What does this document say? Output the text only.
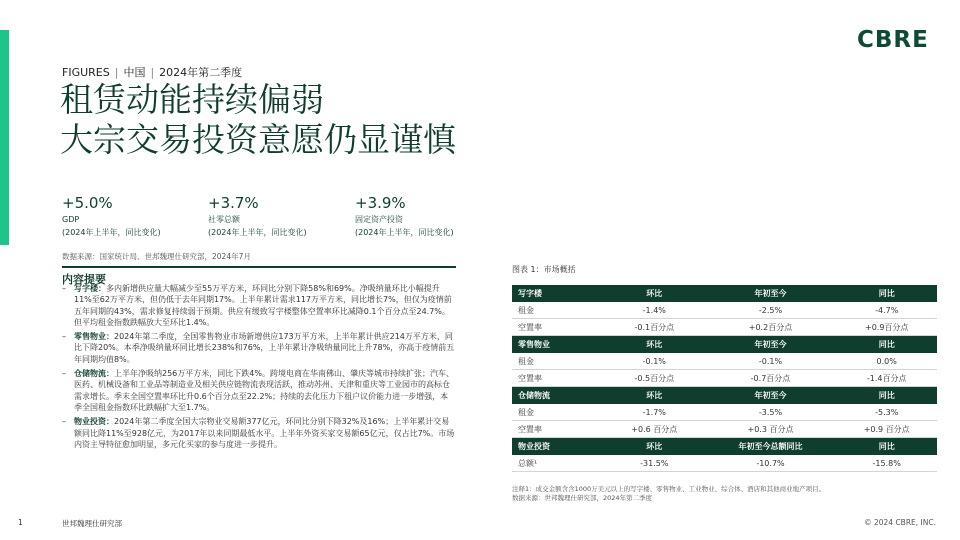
CBRE
FIGURES | 中国 | 2024年第二季度
租赁动能持续偏弱
大宗交易投资意愿仍显谨慎
+5.0%
GDP
(2024年上半年，同比变化)
+3.7%
社零总额
(2024年上半年，同比变化)
+3.9%
固定资产投资
(2024年上半年，同比变化)
数据来源：国家统计局、世邦魏理仕研究部，2024年7月
内容提要
– 写字楼：多内新增供应量大幅减少至55万平方米，环同比分别下降58%和69%。净吸纳量环比小幅提升11%至62万平方米，但仍低于去年同期17%。上半年累计需求117万平方米，同比增长7%，但仅为疫情前五年同期的43%，需求修复持续弱于预期。供应有缓致写字楼整体空置率环比减降0.1个百分点至24.7%。但平均租金指数跌幅放大至环比1.4%。
– 零售物业：2024年第二季度，全国零售物业市场新增供应173万平方米，上半年累计供应214万平方米，同比下降20%。本季净吸纳量环同比增长238%和76%，上半年累计净吸纳量同比上升78%，亦高于疫情前五年同期均值8%。
– 仓储物流：上半年净吸纳256万平方米，同比下跌4%。跨境电商在华南佛山、肇庆等城市持续扩张；汽车、医药、机械设备和工业品等制造业及相关供应链物流表现活跃，推动苏州、天津和重庆等工业园市的高标仓需求增长。季末全国空置率环比升0.6个百分点至22.2%；持续的去化压力下租户议价能力进一步增强，本季全国租金指数环比跌幅扩大至1.7%。
– 物业投资：2024年第二季度全国大宗物业交易额377亿元，环同比分别下降32%及16%；上半年累计交易额同比降11%至928亿元，为2017年以来同期最低水平。上半年外资买家交易额65亿元，仅占比7%。市场内资主导特征愈加明显，多元化买家的参与度进一步提升。
图表 1：市场概括
写字楼	环比	年初至今	同比
租金	-1.4%	-2.5%	-4.7%
空置率	-0.1百分点	+0.2百分点	+0.9百分点
零售物业	环比	年初至今	同比
租金	-0.1%	-0.1%	0.0%
空置率	-0.5百分点	-0.7百分点	-1.4百分点
仓储物流	环比	年初至今	同比
租金	-1.7%	-3.5%	-5.3%
空置率	+0.6 百分点	+0.3 百分点	+0.9 百分点
物业投资	环比	年初至今总额同比	同比
总额¹	-31.5%	-10.7%	-15.8%
注释1：成交金额含含1000万美元以上的写字楼、零售物业、工业物业、综合体、酒店和其他商业地产项目。
数据来源：世邦魏理仕研究部，2024年第二季度
1	世邦魏理仕研究部	© 2024 CBRE, INC.
